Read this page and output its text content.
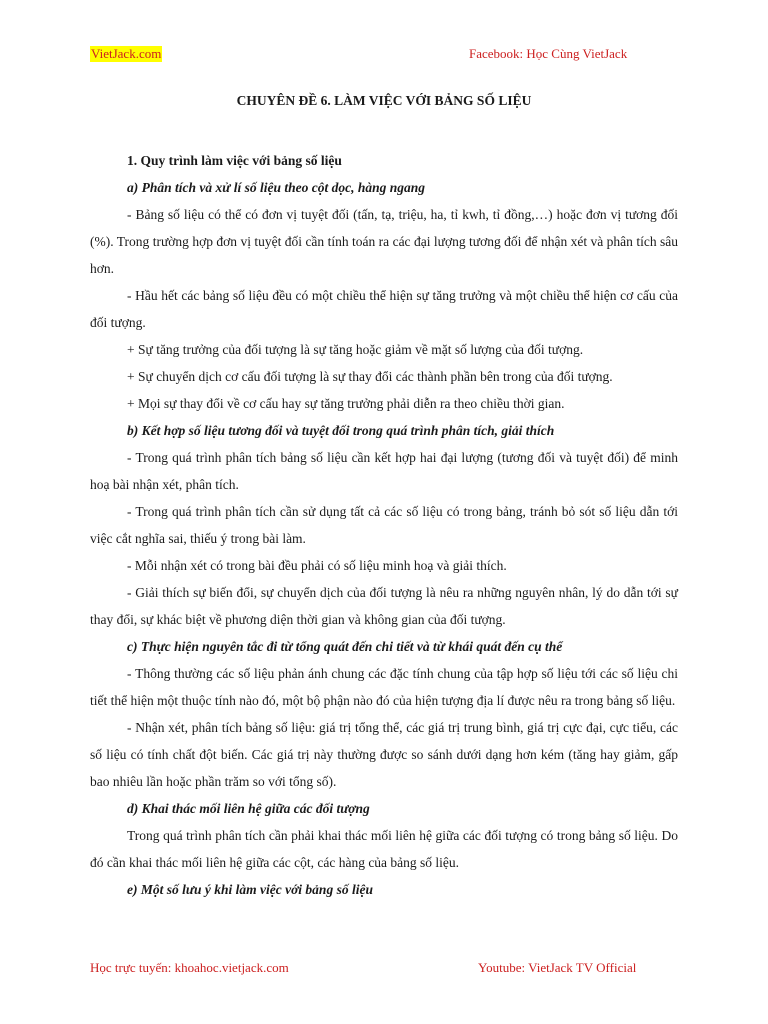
VietJack.com	Facebook: Học Cùng VietJack
CHUYÊN ĐỀ 6. LÀM VIỆC VỚI BẢNG SỐ LIỆU

1. Quy trình làm việc với bảng số liệu

a) Phân tích và xử lí số liệu theo cột dọc, hàng ngang

- Bảng số liệu có thể có đơn vị tuyệt đối (tấn, tạ, triệu, ha, tỉ kwh, tỉ đồng,…) hoặc đơn vị tương đối (%). Trong trường hợp đơn vị tuyệt đối cần tính toán ra các đại lượng tương đối để nhận xét và phân tích sâu hơn.

- Hầu hết các bảng số liệu đều có một chiều thể hiện sự tăng trưởng và một chiều thể hiện cơ cấu của đối tượng.

+ Sự tăng trưởng của đối tượng là sự tăng hoặc giảm về mặt số lượng của đối tượng.

+ Sự chuyển dịch cơ cấu đối tượng là sự thay đổi các thành phần bên trong của đối tượng.

+ Mọi sự thay đổi về cơ cấu hay sự tăng trưởng phải diễn ra theo chiều thời gian.

b) Kết hợp số liệu tương đối và tuyệt đối trong quá trình phân tích, giải thích

- Trong quá trình phân tích bảng số liệu cần kết hợp hai đại lượng (tương đối và tuyệt đối) để minh hoạ bài nhận xét, phân tích.

- Trong quá trình phân tích cần sử dụng tất cả các số liệu có trong bảng, tránh bỏ sót số liệu dẫn tới việc cắt nghĩa sai, thiếu ý trong bài làm.

- Mỗi nhận xét có trong bài đều phải có số liệu minh hoạ và giải thích.

- Giải thích sự biến đổi, sự chuyển dịch của đối tượng là nêu ra những nguyên nhân, lý do dẫn tới sự thay đổi, sự khác biệt về phương diện thời gian và không gian của đối tượng.

c) Thực hiện nguyên tắc đi từ tổng quát đến chi tiết và từ khái quát đến cụ thể

- Thông thường các số liệu phản ánh chung các đặc tính chung của tập hợp số liệu tới các số liệu chi tiết thể hiện một thuộc tính nào đó, một bộ phận nào đó của hiện tượng địa lí được nêu ra trong bảng số liệu.

- Nhận xét, phân tích bảng số liệu: giá trị tổng thể, các giá trị trung bình, giá trị cực đại, cực tiểu, các số liệu có tính chất đột biến. Các giá trị này thường được so sánh dưới dạng hơn kém (tăng hay giảm, gấp bao nhiêu lần hoặc phần trăm so với tổng số).

d) Khai thác mối liên hệ giữa các đối tượng

Trong quá trình phân tích cần phải khai thác mối liên hệ giữa các đối tượng có trong bảng số liệu. Do đó cần khai thác mối liên hệ giữa các cột, các hàng của bảng số liệu.

e) Một số lưu ý khi làm việc với bảng số liệu

Học trực tuyến: khoahoc.vietjack.com	Youtube: VietJack TV Official
